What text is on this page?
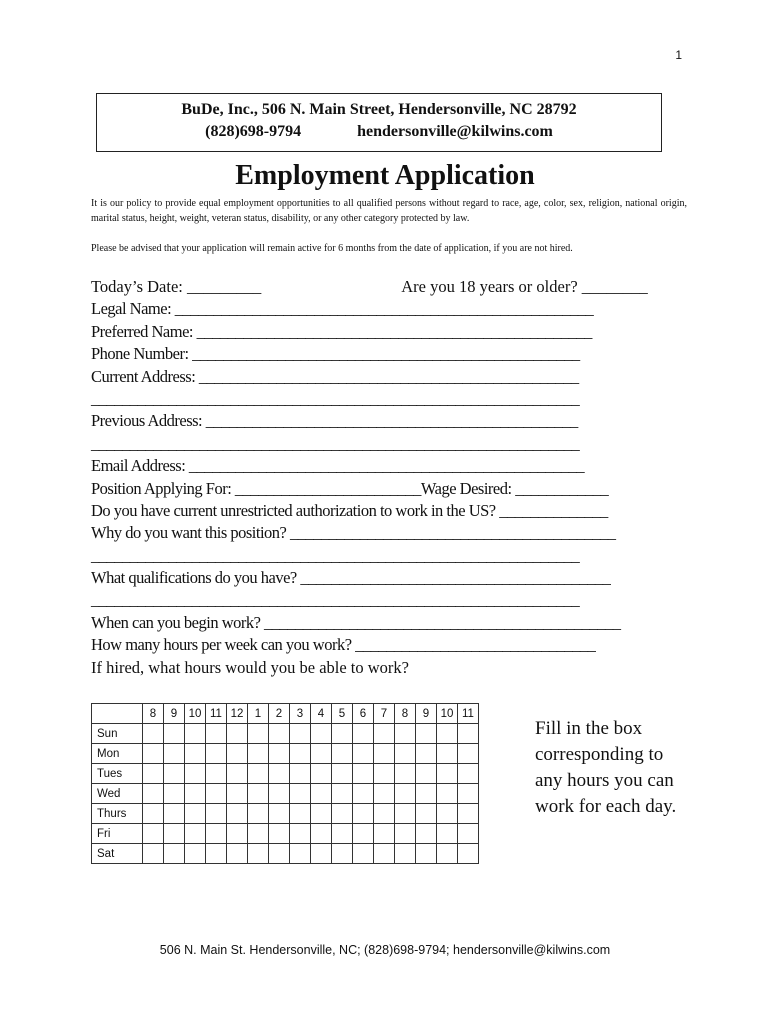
1
BuDe, Inc., 506 N. Main Street, Hendersonville, NC 28792
(828)698-9794	hendersonville@kilwins.com
Employment Application
It is our policy to provide equal employment opportunities to all qualified persons without regard to race, age, color, sex, religion, national origin, marital status, height, weight, veteran status, disability, or any other category protected by law.
Please be advised that your application will remain active for 6 months from the date of application, if you are not hired.
Today’s Date: _________	Are you 18 years or older? ________
Legal Name: ______________________________________________________
Preferred Name: ___________________________________________________
Phone Number: __________________________________________________
Current Address: _________________________________________________
_______________________________________________________________
Previous Address: ________________________________________________
_______________________________________________________________
Email Address: ___________________________________________________
Position Applying For: ________________________Wage Desired: ____________
Do you have current unrestricted authorization to work in the US? ______________
Why do you want this position? __________________________________________
_______________________________________________________________
What qualifications do you have? ________________________________________
_______________________________________________________________
When can you begin work? ______________________________________________
How many hours per week can you work? _______________________________
If hired, what hours would you be able to work?
	8	9	10	11	12	1	2	3	4	5	6	7	8	9	10	11
Sun																
Mon																
Tues																
Wed																
Thurs																
Fri																
Sat																
Fill in the box corresponding to any hours you can work for each day.
506 N. Main St. Hendersonville, NC; (828)698-9794; hendersonville@kilwins.com
